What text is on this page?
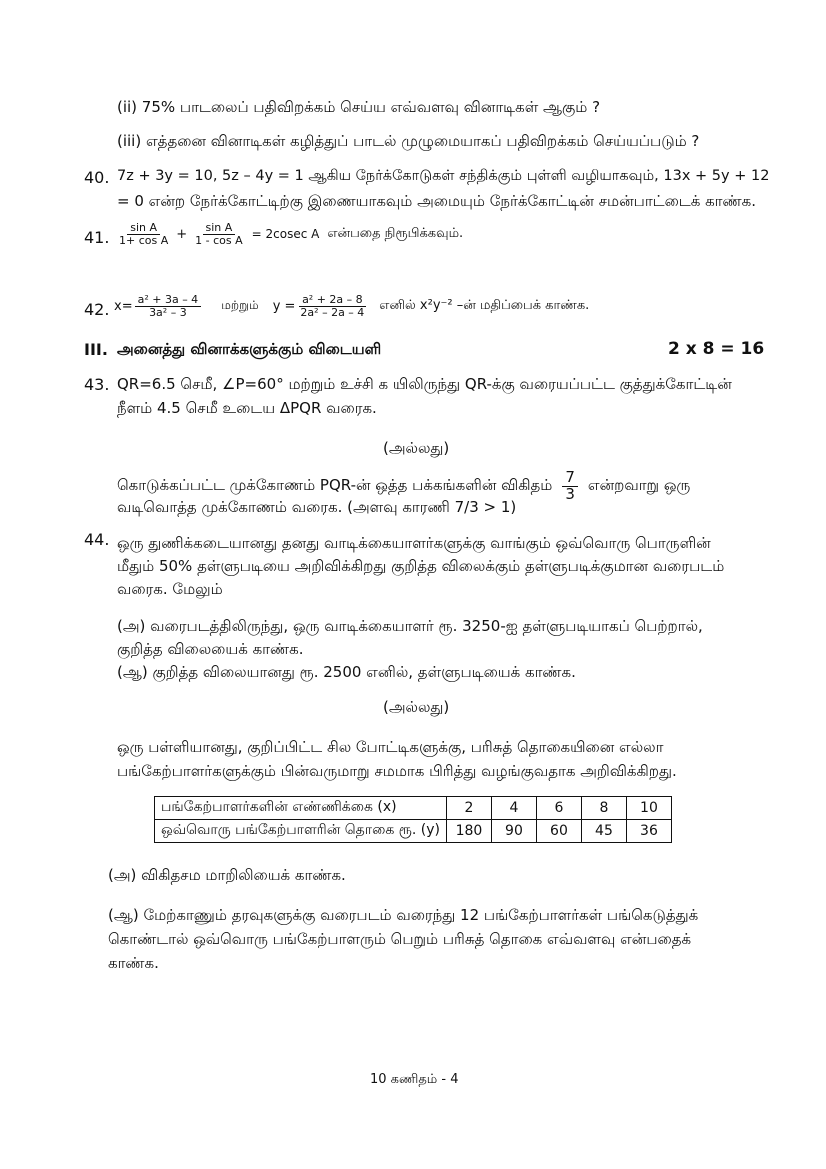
(ii) 75% பாடலைப் பதிவிறக்கம் செய்ய எவ்வளவு வினாடிகள் ஆகும் ?
(iii) எத்தனை வினாடிகள் கழித்துப் பாடல் முழுமையாகப் பதிவிறக்கம் செய்யப்படும் ?
40. 7z + 3y = 10, 5z – 4y = 1 ஆகிய நேர்க்கோடுகள் சந்திக்கும் புள்ளி வழியாகவும், 13x + 5y + 12
= 0 என்ற நேர்க்கோட்டிற்கு இணையாகவும் அமையும் நேர்க்கோட்டின் சமன்பாட்டைக் காண்க.
41. $\frac{\text{sin A}}{\text{1+ cos A}} + \frac{\text{sin A}}{\text{1 - cos A}} = 2cosec$ A என்பதை நிரூபிக்கவும்.
42. $x= \frac{\text{a² + 3a – 4}}{\text{3a² – 3}}$ மற்றும் $y = \frac{\text{a² + 2a – 8}}{\text{2a² – 2a – 4}}$ எனில் x²y⁻² –ன் மதிப்பைக் காண்க.
III. அனைத்து வினாக்களுக்கும் விடையளி	2 x 8 = 16
43. QR=6.5 செமீ, ∠P=60° மற்றும் உச்சி க யிலிருந்து QR-க்கு வரையப்பட்ட குத்துக்கோட்டின்
நீளம் 4.5 செமீ உடைய ΔPQR வரைக.
(அல்லது)
கொடுக்கப்பட்ட முக்கோணம் PQR-ன் ஒத்த பக்கங்களின் விகிதம் $\frac{7}{3}$ என்றவாறு ஒரு
வடிவொத்த முக்கோணம் வரைக. (அளவு காரணி 7/3 > 1)
44. ஒரு துணிக்கடையானது தனது வாடிக்கையாளர்களுக்கு வாங்கும் ஒவ்வொரு பொருளின்
மீதும் 50% தள்ளுபடியை அறிவிக்கிறது குறித்த விலைக்கும் தள்ளுபடிக்குமான வரைபடம்
வரைக. மேலும்
(அ) வரைபடத்திலிருந்து, ஒரு வாடிக்கையாளர் ரூ. 3250-ஐ தள்ளுபடியாகப் பெற்றால்,
குறித்த விலையைக் காண்க.
(ஆ) குறித்த விலையானது ரூ. 2500 எனில், தள்ளுபடியைக் காண்க.
(அல்லது)
ஒரு பள்ளியானது, குறிப்பிட்ட சில போட்டிகளுக்கு, பரிசுத் தொகையினை எல்லா
பங்கேற்பாளர்களுக்கும் பின்வருமாறு சமமாக பிரித்து வழங்குவதாக அறிவிக்கிறது.
பங்கேற்பாளர்களின் எண்ணிக்கை (x)	2	4	6	8	10
ஒவ்வொரு பங்கேற்பாளரின் தொகை ரூ. (y)	180	90	60	45	36
(அ) விகிதசம மாறிலியைக் காண்க.
(ஆ) மேற்காணும் தரவுகளுக்கு வரைபடம் வரைந்து 12 பங்கேற்பாளர்கள் பங்கெடுத்துக்
கொண்டால் ஒவ்வொரு பங்கேற்பாளரும் பெறும் பரிசுத் தொகை எவ்வளவு என்பதைக்
காண்க.
10 கணிதம் - 4
